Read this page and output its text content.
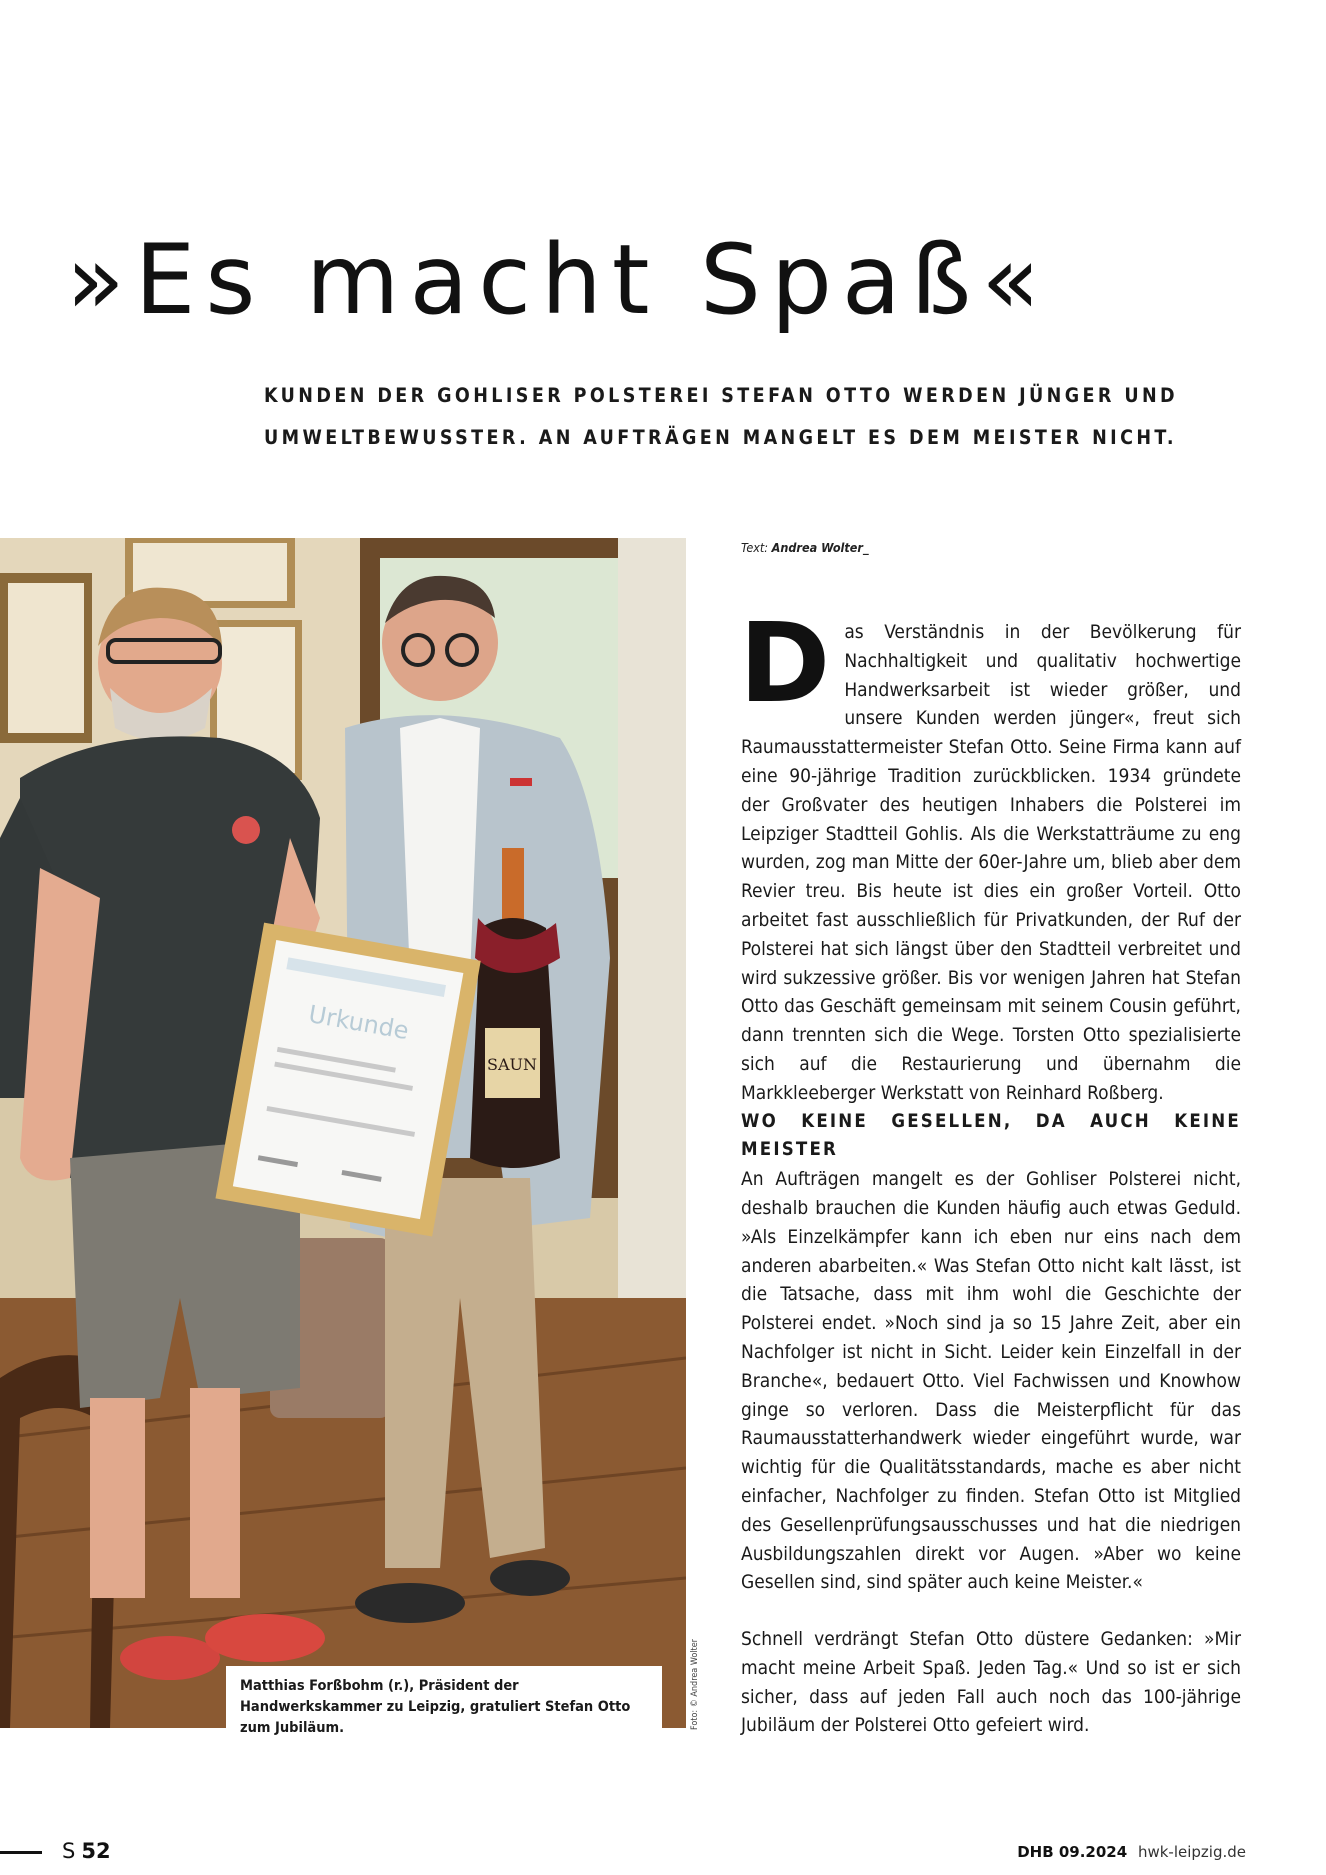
»Es macht Spaß«
KUNDEN DER GOHLISER POLSTEREI STEFAN OTTO WERDEN JÜNGER UND UMWELTBEWUSSTER. AN AUFTRÄGEN MANGELT ES DEM MEISTER NICHT.
SAUN
Urkunde
Matthias Forßbohm (r.), Präsident der Handwerkskammer zu Leipzig, gratuliert Stefan Otto zum Jubiläum.	Foto: © Andrea Wolter
Text: Andrea Wolter_

Das Verständnis in der Bevölkerung für Nachhaltigkeit und qualitativ hochwertige Handwerksarbeit ist wieder größer, und unsere Kunden werden jünger«, freut sich Raumausstattermeister Stefan Otto. Seine Firma kann auf eine 90-jährige Tradition zurückblicken. 1934 gründete der Großvater des heutigen Inhabers die Polsterei im Leipziger Stadtteil Gohlis. Als die Werkstatträume zu eng wurden, zog man Mitte der 60er-Jahre um, blieb aber dem Revier treu. Bis heute ist dies ein großer Vorteil. Otto arbeitet fast ausschließlich für Privatkunden, der Ruf der Polsterei hat sich längst über den Stadtteil verbreitet und wird sukzessive größer. Bis vor wenigen Jahren hat Stefan Otto das Geschäft gemeinsam mit seinem Cousin geführt, dann trennten sich die Wege. Torsten Otto spezialisierte sich auf die Restaurierung und übernahm die Markkleeberger Werkstatt von Reinhard Roßberg.

WO KEINE GESELLEN, DA AUCH KEINE MEISTER

An Aufträgen mangelt es der Gohliser Polsterei nicht, deshalb brauchen die Kunden häufig auch etwas Geduld. »Als Einzelkämpfer kann ich eben nur eins nach dem anderen abarbeiten.« Was Stefan Otto nicht kalt lässt, ist die Tatsache, dass mit ihm wohl die Geschichte der Polsterei endet. »Noch sind ja so 15 Jahre Zeit, aber ein Nachfolger ist nicht in Sicht. Leider kein Einzelfall in der Branche«, bedauert Otto. Viel Fachwissen und Knowhow ginge so verloren. Dass die Meisterpflicht für das Raumausstatterhandwerk wieder eingeführt wurde, war wichtig für die Qualitätsstandards, mache es aber nicht einfacher, Nachfolger zu finden. Stefan Otto ist Mitglied des Gesellenprüfungsausschusses und hat die niedrigen Ausbildungszahlen direkt vor Augen. »Aber wo keine Gesellen sind, sind später auch keine Meister.«

Schnell verdrängt Stefan Otto düstere Gedanken: »Mir macht meine Arbeit Spaß. Jeden Tag.« Und so ist er sich sicher, dass auf jeden Fall auch noch das 100-jährige Jubiläum der Polsterei Otto gefeiert wird.

S 52	DHB 09.2024 hwk-leipzig.de
